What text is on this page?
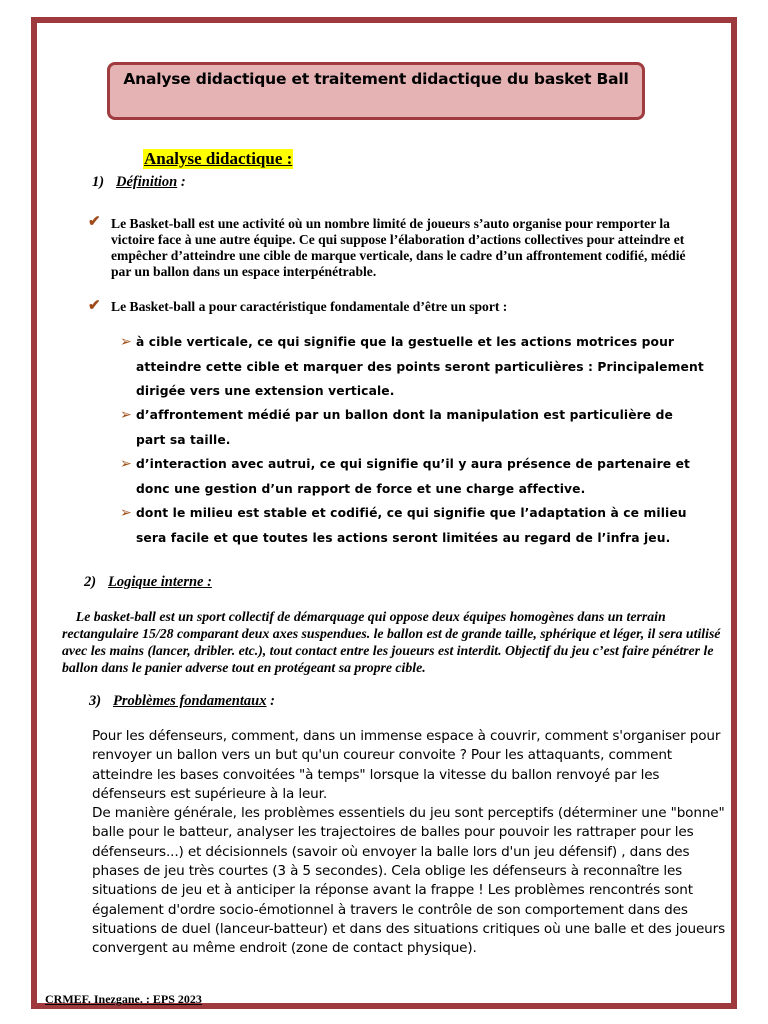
Analyse didactique et traitement didactique du basket Ball
Analyse didactique :
1) Définition :
✔ Le Basket-ball est une activité où un nombre limité de joueurs s’auto organise pour remporter la victoire face à une autre équipe. Ce qui suppose l’élaboration d’actions collectives pour atteindre et empêcher d’atteindre une cible de marque verticale, dans le cadre d’un affrontement codifié, médié par un ballon dans un espace interpénétrable.
✔ Le Basket-ball a pour caractéristique fondamentale d’être un sport :
➢ à cible verticale, ce qui signifie que la gestuelle et les actions motrices pour atteindre cette cible et marquer des points seront particulières : Principalement dirigée vers une extension verticale.
➢ d’affrontement médié par un ballon dont la manipulation est particulière de part sa taille.
➢ d’interaction avec autrui, ce qui signifie qu’il y aura présence de partenaire et donc une gestion d’un rapport de force et une charge affective.
➢ dont le milieu est stable et codifié, ce qui signifie que l’adaptation à ce milieu sera facile et que toutes les actions seront limitées au regard de l’infra jeu.
2) Logique interne :
Le basket-ball est un sport collectif de démarquage qui oppose deux équipes homogènes dans un terrain rectangulaire 15/28 comparant deux axes suspendues. le ballon est de grande taille, sphérique et léger, il sera utilisé avec les mains (lancer, dribler. etc.), tout contact entre les joueurs est interdit. Objectif du jeu c’est faire pénétrer le ballon dans le panier adverse tout en protégeant sa propre cible.
3) Problèmes fondamentaux :
Pour les défenseurs, comment, dans un immense espace à couvrir, comment s'organiser pour renvoyer un ballon vers un but qu'un coureur convoite ? Pour les attaquants, comment atteindre les bases convoitées "à temps" lorsque la vitesse du ballon renvoyé par les défenseurs est supérieure à la leur.
De manière générale, les problèmes essentiels du jeu sont perceptifs (déterminer une "bonne" balle pour le batteur, analyser les trajectoires de balles pour pouvoir les rattraper pour les défenseurs...) et décisionnels (savoir où envoyer la balle lors d'un jeu défensif) , dans des phases de jeu très courtes (3 à 5 secondes). Cela oblige les défenseurs à reconnaître les situations de jeu et à anticiper la réponse avant la frappe ! Les problèmes rencontrés sont également d'ordre socio-émotionnel à travers le contrôle de son comportement dans des situations de duel (lanceur-batteur) et dans des situations critiques où une balle et des joueurs convergent au même endroit (zone de contact physique).
CRMEF. Inezgane. : EPS 2023
